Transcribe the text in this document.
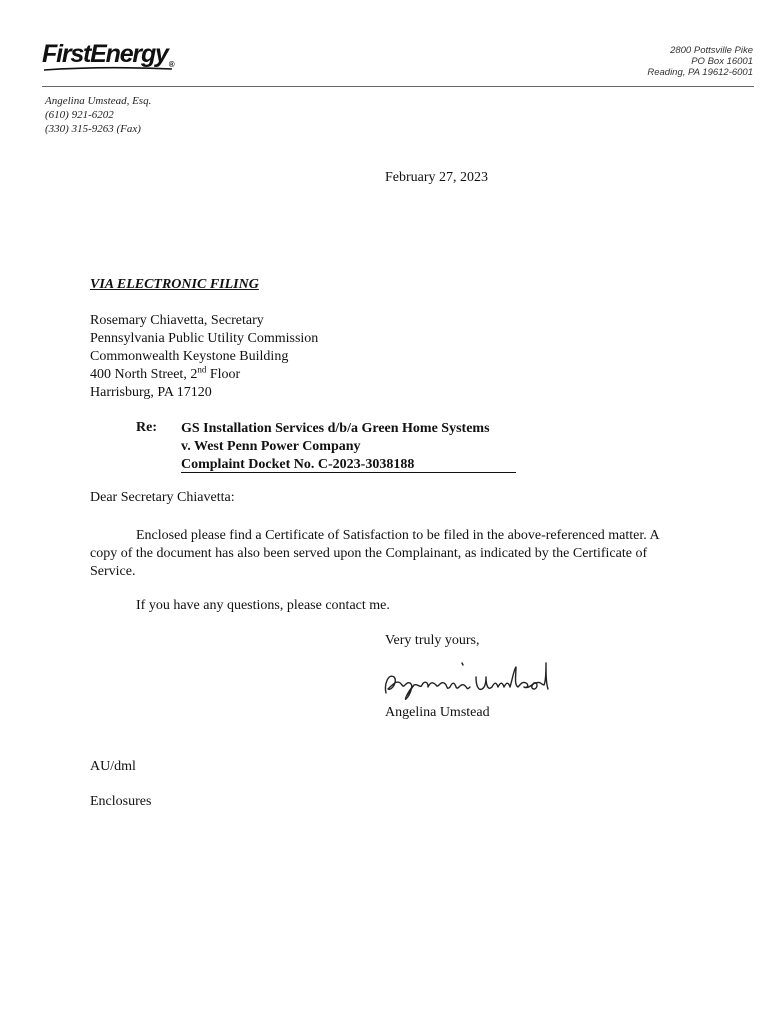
FirstEnergy®
2800 Pottsville Pike
PO Box 16001
Reading, PA 19612-6001
Angelina Umstead, Esq.
(610) 921-6202
(330) 315-9263 (Fax)
February 27, 2023
VIA ELECTRONIC FILING
Rosemary Chiavetta, Secretary
Pennsylvania Public Utility Commission
Commonwealth Keystone Building
400 North Street, 2nd Floor
Harrisburg, PA 17120
Re: GS Installation Services d/b/a Green Home Systems
v. West Penn Power Company
Complaint Docket No. C-2023-3038188
Dear Secretary Chiavetta:
Enclosed please find a Certificate of Satisfaction to be filed in the above-referenced matter. A copy of the document has also been served upon the Complainant, as indicated by the Certificate of Service.
If you have any questions, please contact me.
Very truly yours,
Angelina Umstead
AU/dml
Enclosures
